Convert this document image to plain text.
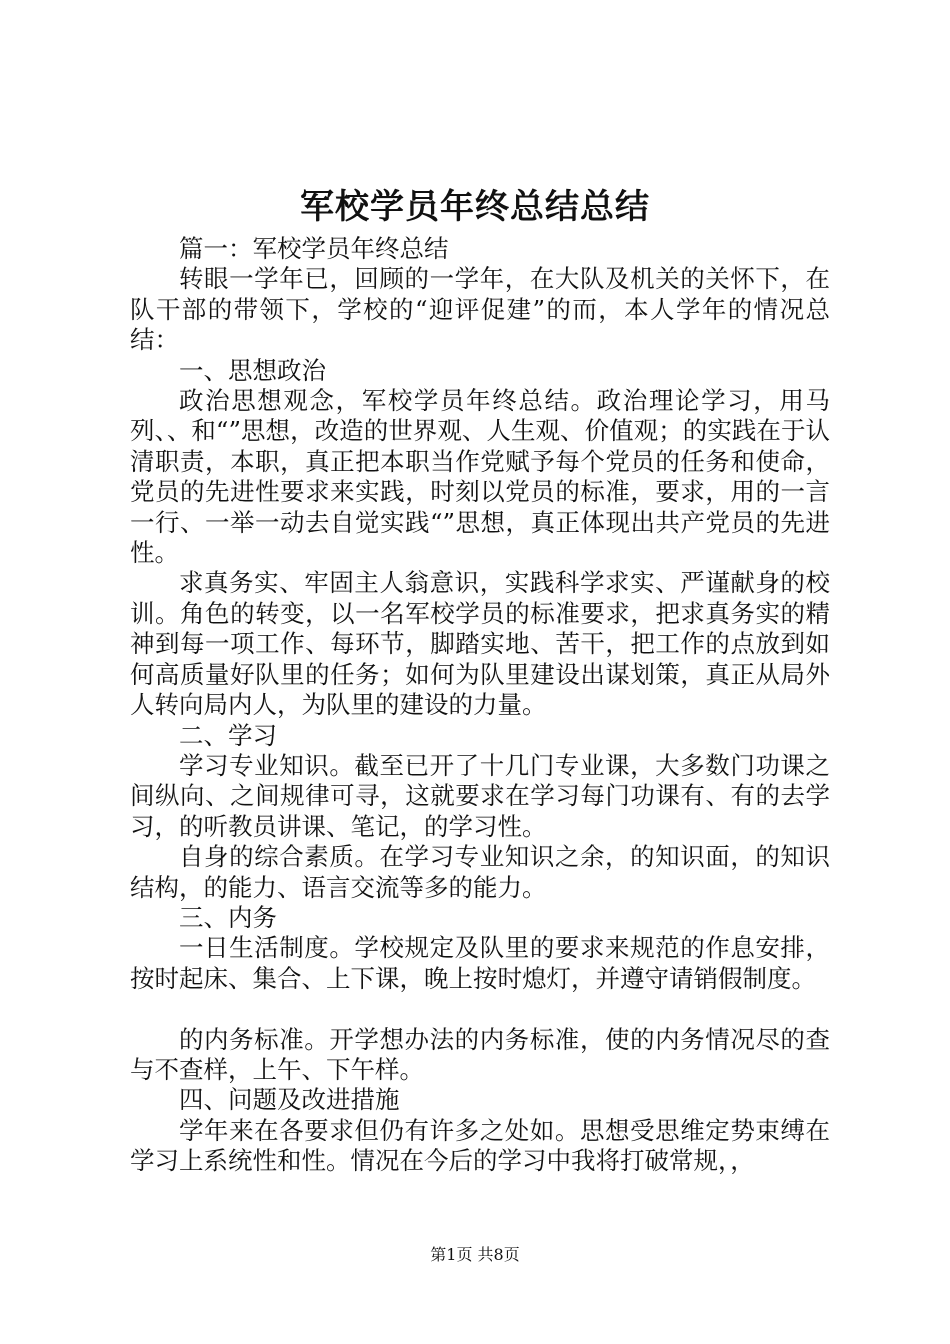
军校学员年终总结总结

篇一：军校学员年终总结

转眼一学年已，回顾的一学年，在大队及机关的关怀下，在队干部的带领下，学校的“迎评促建”的而，本人学年的情况总结：

一、思想政治

政治思想观念，军校学员年终总结。政治理论学习，用马列、、和“”思想，改造的世界观、人生观、价值观；的实践在于认清职责，本职，真正把本职当作党赋予每个党员的任务和使命，党员的先进性要求来实践，时刻以党员的标准，要求，用的一言一行、一举一动去自觉实践“”思想，真正体现出共产党员的先进性。

求真务实、牢固主人翁意识，实践科学求实、严谨献身的校训。角色的转变，以一名军校学员的标准要求，把求真务实的精神到每一项工作、每环节，脚踏实地、苦干，把工作的点放到如何高质量好队里的任务；如何为队里建设出谋划策，真正从局外人转向局内人，为队里的建设的力量。

二、学习

学习专业知识。截至已开了十几门专业课，大多数门功课之间纵向、之间规律可寻，这就要求在学习每门功课有、有的去学习，的听教员讲课、笔记，的学习性。

自身的综合素质。在学习专业知识之余，的知识面，的知识结构，的能力、语言交流等多的能力。

三、内务

一日生活制度。学校规定及队里的要求来规范的作息安排，按时起床、集合、上下课，晚上按时熄灯，并遵守请销假制度。

的内务标准。开学想办法的内务标准，使的内务情况尽的查与不查样，上午、下午样。

四、问题及改进措施

学年来在各要求但仍有许多之处如。思想受思维定势束缚在学习上系统性和性。情况在今后的学习中我将打破常规，，

第1页 共8页
